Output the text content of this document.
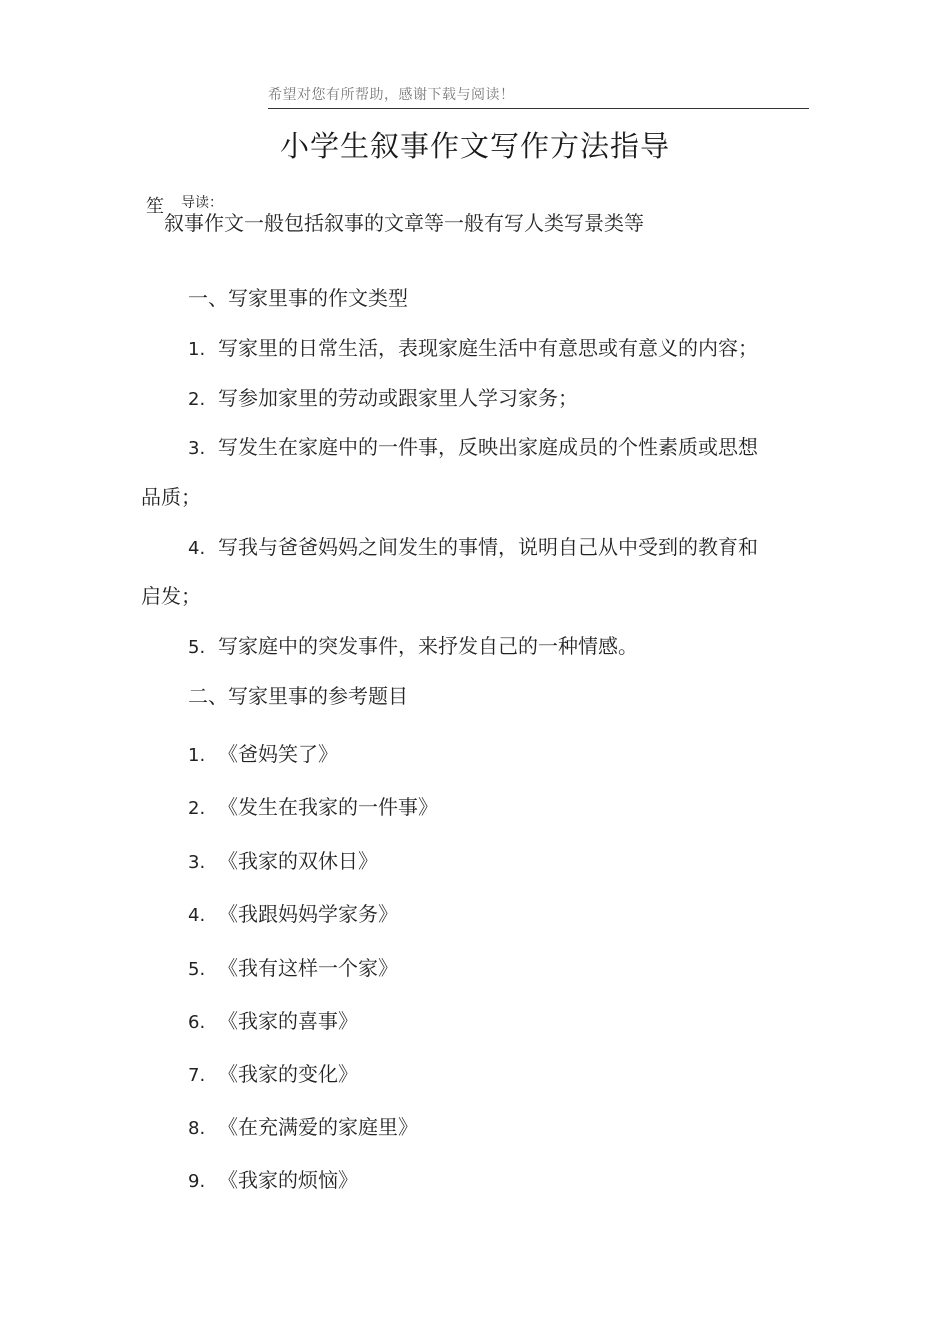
希望对您有所帮助，感谢下载与阅读！
小学生叙事作文写作方法指导
笙 导读：
叙事作文一般包括叙事的文章等一般有写人类写景类等
一、写家里事的作文类型
1. 写家里的日常生活，表现家庭生活中有意思或有意义的内容；
2. 写参加家里的劳动或跟家里人学习家务；
3. 写发生在家庭中的一件事，反映出家庭成员的个性素质或思想
品质；
4. 写我与爸爸妈妈之间发生的事情，说明自己从中受到的教育和
启发；
5. 写家庭中的突发事件，来抒发自己的一种情感。
二、写家里事的参考题目
1. 《爸妈笑了》
2. 《发生在我家的一件事》
3. 《我家的双休日》
4. 《我跟妈妈学家务》
5. 《我有这样一个家》
6. 《我家的喜事》
7. 《我家的变化》
8. 《在充满爱的家庭里》
9. 《我家的烦恼》
